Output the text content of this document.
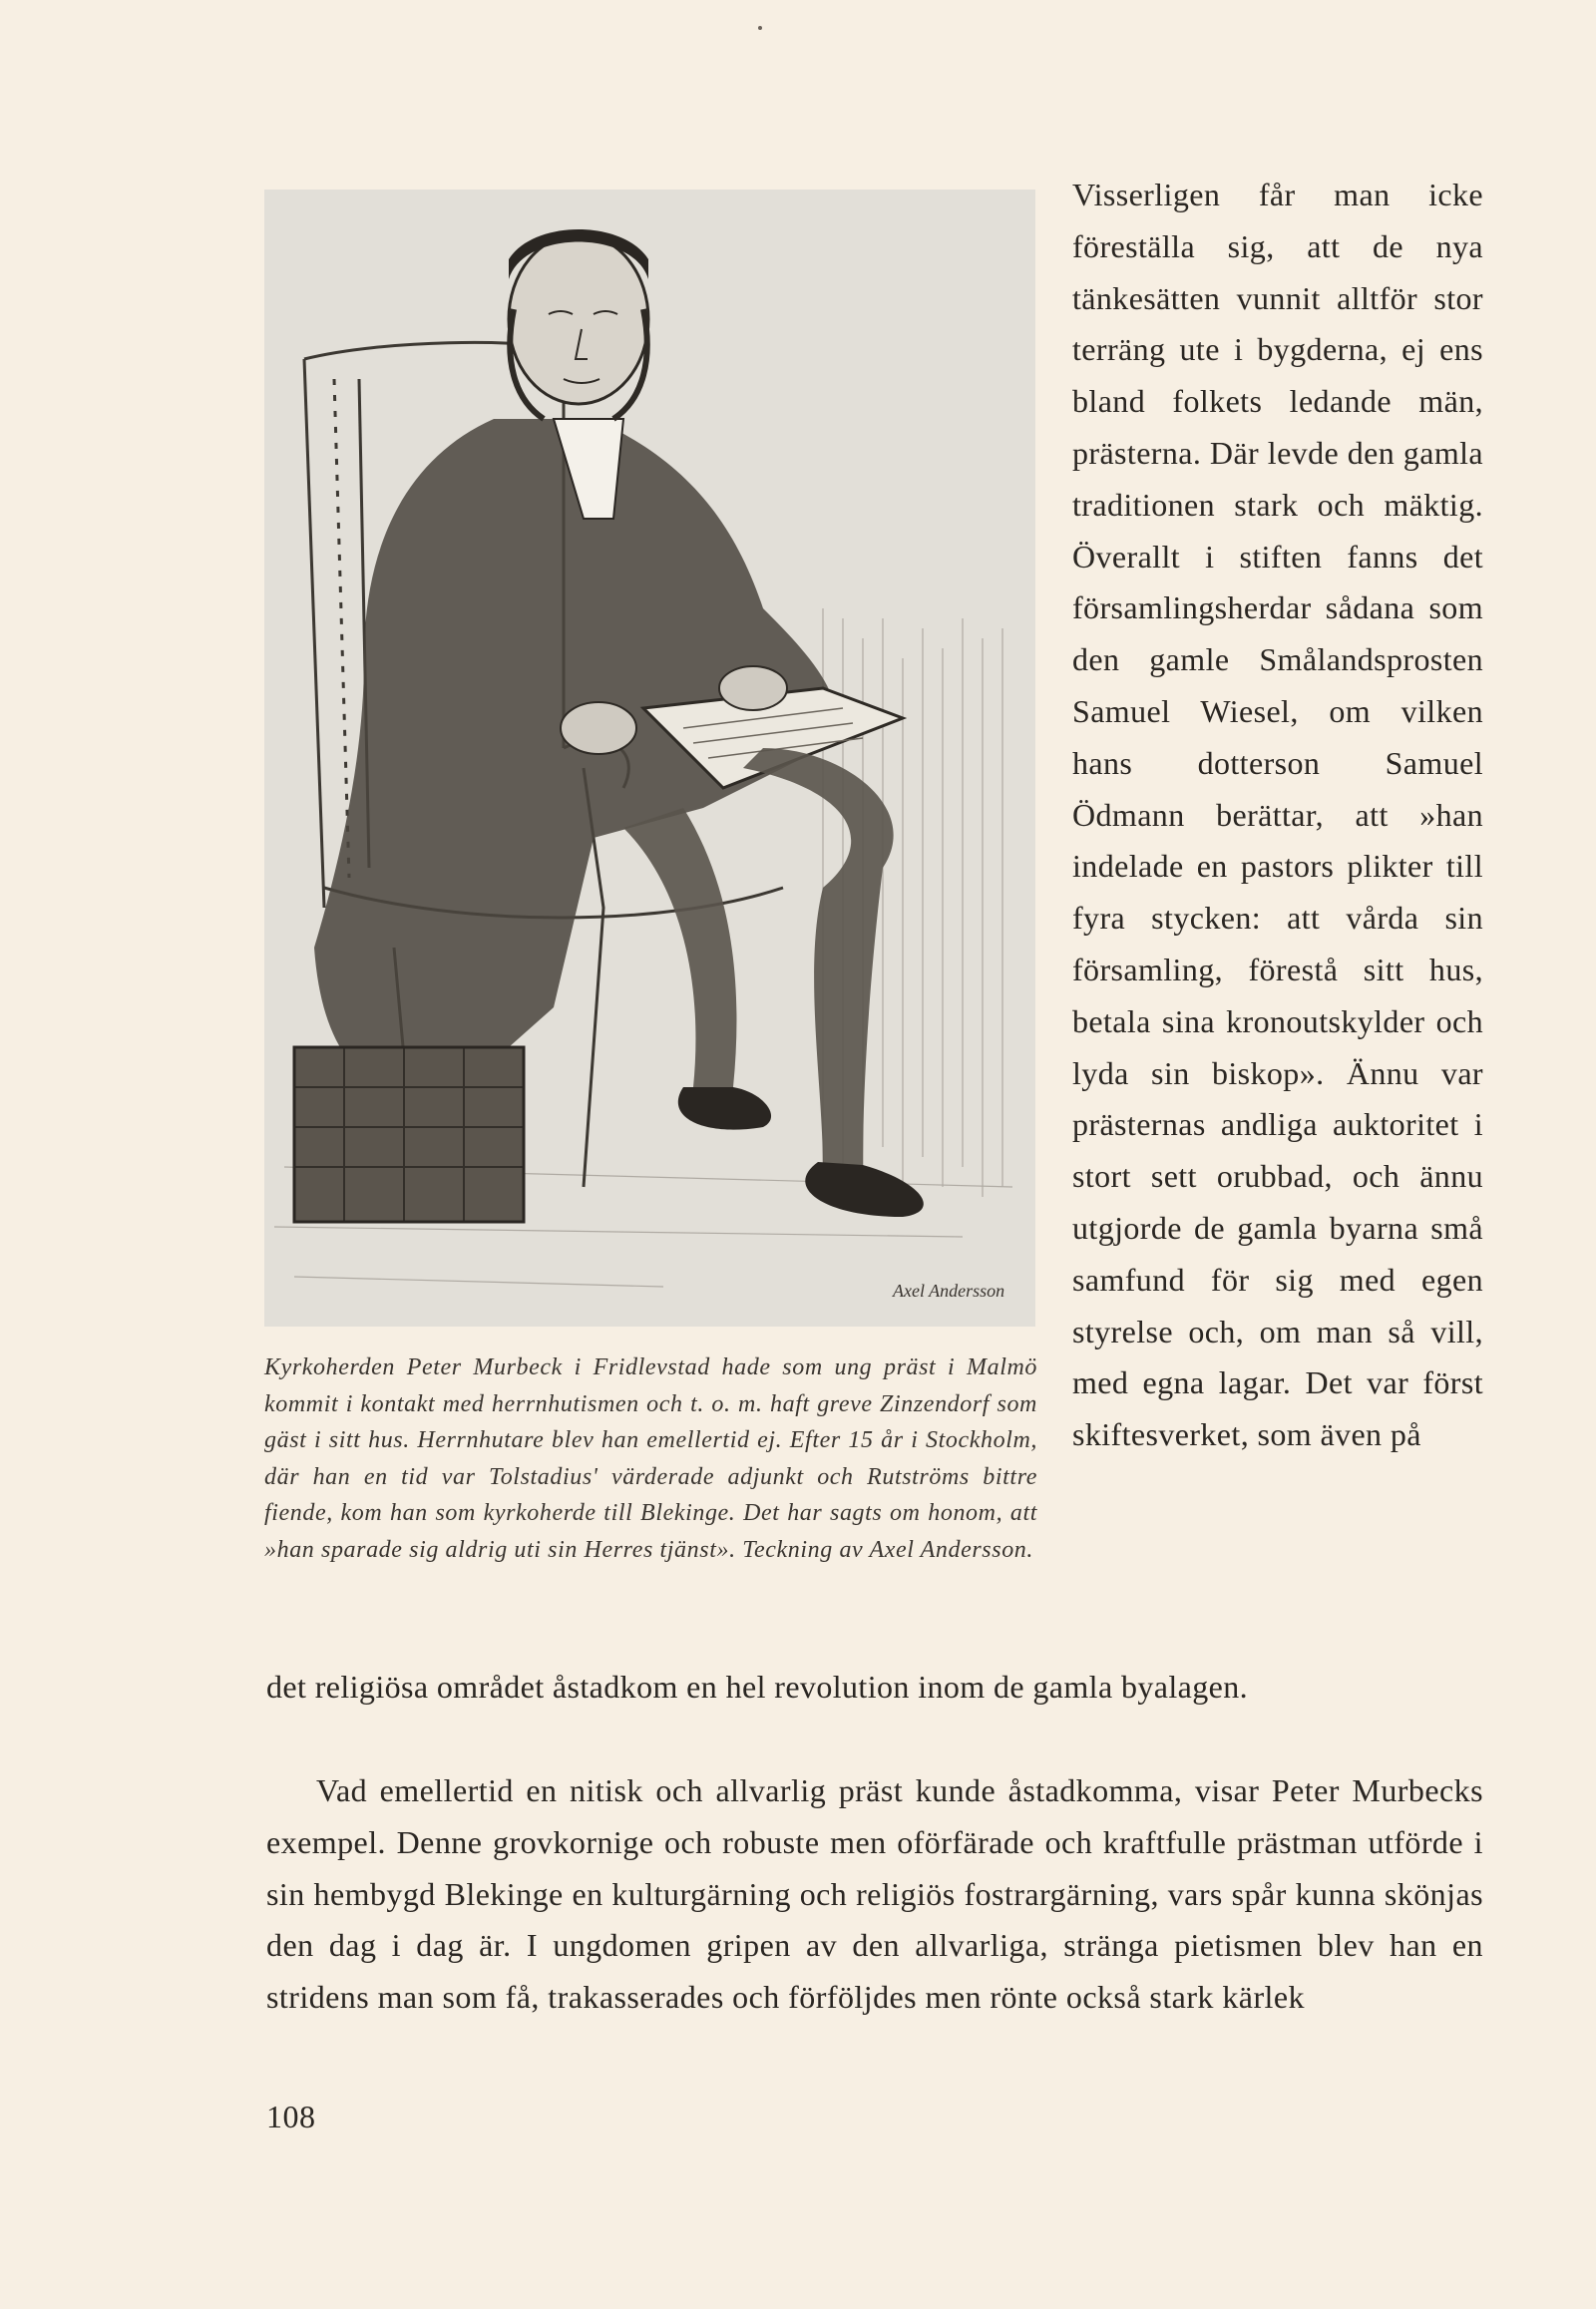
Axel Andersson

Kyrkoherden Peter Murbeck i Fridlevstad hade som ung präst i Malmö kommit i kontakt med herrnhutismen och t. o. m. haft greve Zinzendorf som gäst i sitt hus. Herrnhutare blev han emellertid ej. Efter 15 år i Stockholm, där han en tid var Tolstadius' värderade adjunkt och Rutströms bittre fiende, kom han som kyrkoherde till Blekinge. Det har sagts om honom, att »han sparade sig aldrig uti sin Herres tjänst». Teckning av Axel Andersson.

Visserligen får man icke föreställa sig, att de nya tänkesätten vunnit alltför stor terräng ute i bygderna, ej ens bland folkets ledande män, prästerna. Där levde den gamla traditionen stark och mäktig. Överallt i stiften fanns det församlingsherdar sådana som den gamle Smålandsprosten Samuel Wiesel, om vilken hans dotterson Samuel Ödmann berättar, att »han indelade en pastors plikter till fyra stycken: att vårda sin församling, förestå sitt hus, betala sina kronoutskylder och lyda sin biskop». Ännu var prästernas andliga auktoritet i stort sett orubbad, och ännu utgjorde de gamla byarna små samfund för sig med egen styrelse och, om man så vill, med egna lagar. Det var först skiftesverket, som även på

det religiösa området åstadkom en hel revolution inom de gamla byalagen.

Vad emellertid en nitisk och allvarlig präst kunde åstadkomma, visar Peter Murbecks exempel. Denne grovkornige och robuste men oförfärade och kraftfulle prästman utförde i sin hembygd Blekinge en kulturgärning och religiös fostrargärning, vars spår kunna skönjas den dag i dag är. I ungdomen gripen av den allvarliga, stränga pietismen blev han en stridens man som få, trakasserades och förföljdes men rönte också stark kärlek

108
